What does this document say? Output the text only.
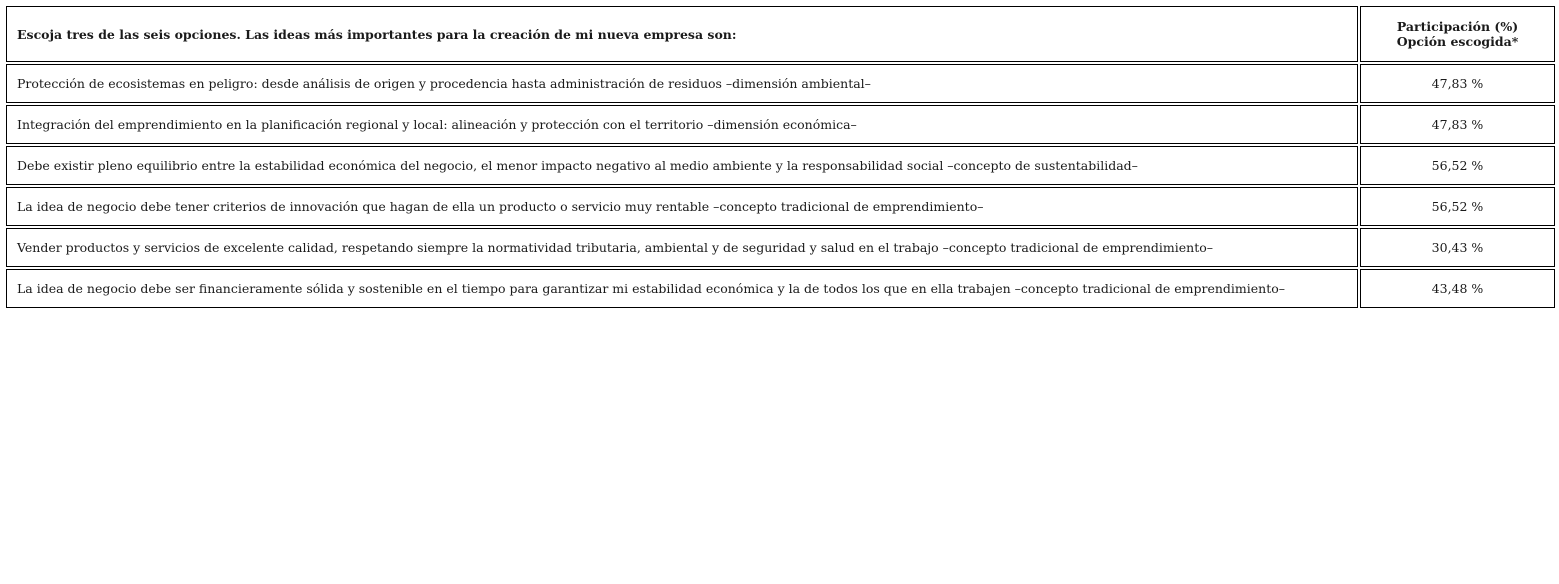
Escoja tres de las seis opciones. Las ideas más importantes para la creación de mi nueva empresa son:	Participación (%)
Opción escogida*

Protección de ecosistemas en peligro: desde análisis de origen y procedencia hasta administración de residuos –dimensión ambiental–	47,83 %
Integración del emprendimiento en la planificación regional y local: alineación y protección con el territorio –dimensión económica–	47,83 %
Debe existir pleno equilibrio entre la estabilidad económica del negocio, el menor impacto negativo al medio ambiente y la responsabilidad social –concepto de sustentabilidad–	56,52 %
La idea de negocio debe tener criterios de innovación que hagan de ella un producto o servicio muy rentable –concepto tradicional de emprendimiento–	56,52 %
Vender productos y servicios de excelente calidad, respetando siempre la normatividad tributaria, ambiental y de seguridad y salud en el trabajo –concepto tradicional de emprendimiento–	30,43 %
La idea de negocio debe ser financieramente sólida y sostenible en el tiempo para garantizar mi estabilidad económica y la de todos los que en ella trabajen –concepto tradicional de emprendimiento–	43,48 %
